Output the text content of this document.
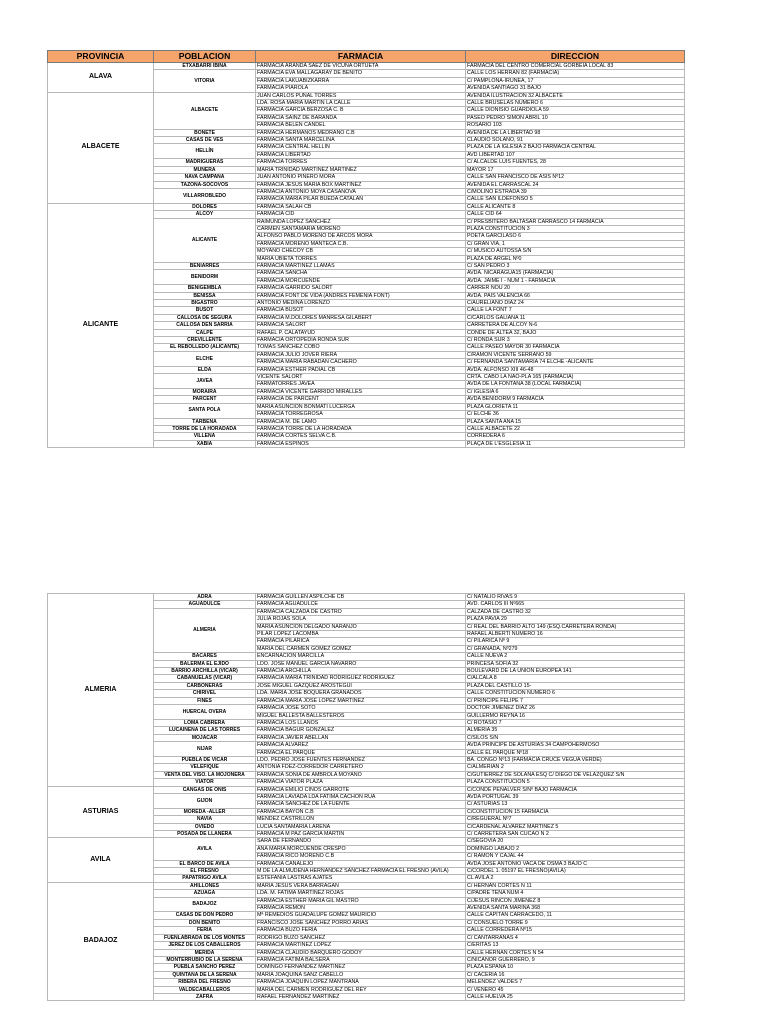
PROVINCIA	POBLACION	FARMACIA	DIRECCION
ALAVA	ETXABARRI IBINA	FARMACIA ARANDA SAEZ DE VICUÑA ORTUETA	FARMACIA DEL CENTRO COMERCIAL GORBEIA LOCAL 83
	VITORIA	FARMACIA EVA MALLAGARAY DE BENITO	CALLE LOS HERRAN 82 (FARMACIA)
		FARMACIA LAKUABIZKARRA	C/ PAMPLONA-IRUNEA, 17
		FARMACIA PIAROLA	AVENIDA SANTIAGO 31 BAJO
ALBACETE	ALBACETE	JUAN CARLOS PUÑAL TORRES	AVENIDA ILUSTRACIÓN 32 ALBACETE
		LDA. ROSA MARIA MARTIN LA CALLE	CALLE BRUSELAS NUMERO 6
		FARMACIA GARCÍA BERZOSA C. B	CALLE DIONISIO GUARDIOLA 59
		FARMACIA SAINZ DE BARANDA	PASEO PEDRO SIMON ABRIL 10
		FARMACIA BELÉN CANDEL	ROSARIO 103
	BONETE	FARMACIA HERMANOS MEDRANO C.B	AVENIDA DE LA LIBERTAD 98
	CASAS DE VES	FARMACIA SANTA MARCELINA	CLAUDIO SOLANO, 91
	HELLÍN	FARMACIA CENTRAL HELLÍN	PLAZA DE LA IGLESIA 2 BAJO FARMACIA CENTRAL
		FARMACIA LIBERTAD	AVD LIBERTAD 107
	MADRIGUERAS	FARMACIA TORRES	C/ ALCALDE LUIS FUENTES, 28
	MUNERA	MARÍA TRINIDAD MARTÍNEZ MARTÍNEZ	MAYOR 17
	NAVA CAMPAÑA	JUAN ANTONIO PIÑERO MORA	CALLE SAN FRANCISCO DE ASIS Nº12
	TAZONA-SOCOVOS	FARMACIA JESÚS MARÍA BOX MARTÍNEZ	AVENIDA EL CARRASCAL 24
	VILLARROBLEDO	FARMACIA ANTONIO MOYA CASANOVA	C/MOLINO ESTRADA 39
		FARMACIA MARIA PILAR BUEDA CATALAN	CALLE SAN ILDEFONSO 5
ALICANTE	DOLORES	FARMACIA SALAH CB	CALLE ALICANTE 8
	ALCOY	FARMACIA CID	CALLE CID 64
	ALICANTE	RAIMUNDA LÓPEZ SÁNCHEZ	C/ PRESBITERO BALTASAR CARRASCO 14 FARMACIA
		CARMEN SANTAMARIA MORENO	PLAZA CONSTITUCIÓN 3
		ALFONSO PABLO MORENO DE ARCOS MORA	POETA GARCILASO 6
		FARMACIA MORENO MANTECA C.B.	C/ GRAN VIA, 1
		MOYANO CHECOY CB	C/ MUSICO AUTOSSA S/N
		MARIA UBIETA TORRES	PLAZA DE ARGEL Nº0
	BENIARRÉS	FARMACIA MARTÍNEZ LLAMAS	C/ SAN PEDRO 3
	BENIDORM	FARMACIA SANCHA	AVDA. NICARAGUA15 (FARMACIA)
		FARMACIA MORCUENDE	AVDA. JAIME I - NUM 1 - FARMACIA
	BENIGEMBLA	FARMACIA GARRIDO SALORT	CARRER NOU 20
	BENISSA	FARMACIA FONT DE VIDA (ANDRES FEMENIA FONT)	AVDA. PAIS VALENCIA 66
	BIGASTRO	ANTONIO MEDINA LORENZO	C/AURELIANO DIAZ 24
	BUSOT	FARMACIA BUSOT	CALLE LA FONT 7
	CALLOSA DE SEGURA	FARMACIA M.DOLORES MANRESA GILABERT	C/CARLOS GALIANA 11
	CALLOSA DEN SARRIA	FARMACIA SALORT	CARRETERA DE ALCOY N-6
	CALPE	RAFAEL P. CALATAYUD	CONDE DE ALTEA 32, BAJO
	CREVILLENTE	FARMACIA ORTOPEDIA RONDA SUR	C/ RONDA SUR 3
	EL REBOLLEDO (ALICANTE)	TOMÁS SÁNCHEZ COBO	CALLE PASEO MAYOR 30 FARMACIA
	ELCHE	FARMACIA JULIO JOVER RIERA	C/RAMON VICENTE SERRANO 59
		FARMACIA MARIA RABADÁN CACHERO	C/ FERNANDA SANTAMARÍA 74 ELCHE -ALICANTE
	ELDA	FARMACIA ESTHER PADIAL CB	AVDA. ALFONSO XIII 46-48
	JAVEA	VICENTE SALORT	CRTA. CABO LA NAO-PLA 165 (FARMACIA)
		FARMATORRES JAVEA	AVDA DE LA FONTANA 38 (LOCAL FARMACIA)
	MORAIRA	FARMACIA VICENTE GARRIDO MIRALLES	C/ IGLESIA 6
	PARCENT	FARMACIA DE PARCENT	AVDA BENIDORM 9 FARMACIA
	SANTA POLA	MARIA ASUNCIÓN BONMATI LUCERGA	PLAZA GLORIETA 11
		FARMACIA TORREGROSA	C/ ELCHE 36
	TÁRBENA	FARMACIA M. DE LAMO	PLAZA SANTA ANA 15
	TORRE DE LA HORADADA	FARMACIA TORRE DE LA HORADADA	CALLE ALBACETE 22
	VILLENA	FARMACIA CORTES SELVA C.B.	CORREDERA 6
	XÀBIA	FARMACIA ESPINÓS	PLAÇA DE L'ESGLÉSIA 11
ALMERIA	ADRA	FARMACIA GUILLÉN ASPILCHE CB	C/ NATALIO RIVAS 9
	AGUADULCE	FARMACIA AGUADULCE	AVD. CARLOS III Nº665
	ALMERIA	FARMACIA CALZADA DE CASTRO	CALZADA DE CASTRO 32
		JULIA ROJAS SOLA	PLAZA PAVIA 29
		MARIA ASUNCIÓN DELGADO NARANJO	C/ REAL DEL BARRIO ALTO 149 (ESQ.CARRETERA RONDA)
		PILAR LOPEZ LACOMBA	RAFAEL ALBERTI NUMERO 16
		FARMACIA PILARICA	C/ PILARICA Nº 9
		MARIA DEL CARMEN GOMEZ GOMEZ	C/ GRANADA, Nº279
	BACARES	ENCARNACION MARCILLA	CALLE NUEVA 2
	BALERMA EL EJIDO	LDO. JOSÉ MANUEL GARCÍA NAVARRO	PRINCESA SOFIA 32
	BARRIO ARCHILLA (VICAR)	FARMACIA ARCHILLA	BOULEVARD DE LA UNION EUROPEA 141
	CABANUELAS (VICAR)	FARMACIA MARIA TRINIDAD RODRIGUEZ RODRIGUEZ	C/ALCALA 8
	CARBONERAS	JOSE MIGUEL GAZQUEZ AROSTEGUI	PLAZA DEL CASTILLO 15-
	CHIRIVEL	LDA. MARÍA JOSE BOQUERA GRANADOS	CALLE CONSTITUCION NUMERO 6
	FINES	FARMACIA MARIA JOSE LÓPEZ MARTINEZ	C/ PRÍNCIPE FELIPE 7
	HUERCAL OVERA	FARMACIA JOSE SOTO	DOCTOR JIMENEZ DIAZ 26
		MIGUEL BALLESTA BALLESTEROS	GUILLERMO REYNA 16
	LOMA CABRERA	FARMACIA LOS LLANOS	C/ ROTASIO 7
	LUCAINENA DE LAS TORRES	FARMACIA BAGUR GONZÁLEZ	ALMERIA 35
	MOJACAR	FARMACIA JAVIER ABELLAN	C/SILOS S/N
	NIJAR	FARMACIA ALVAREZ	AVDA PRINCIPE DE ASTURIAS 34 CAMPOHERMOSO
		FARMACIA EL PARQUE	CALLE EL PARQUE Nº18
	PUEBLA DE VICAR	LDO. PEDRO JOSÉ FUENTES FERNÁNDEZ	BA. CONGO Nº13 (FARMACIA CRUCE VEGUA VERDE)
	VELEFIQUE	ANTONIA FDEZ-CORREDOR CARRETERO	C/ALMERIAN 2
	VENTA DEL VISO. LA MOJONERA	FARMACIA SONIA DE AMBROLA MOYANO	C/GUTIERREZ DE SOLANA ESQ C/ DIEGO DE VELAZQUEZ S/N
	VIATOR	FARMACIA VIATOR PLAZA	PLAZA CONSTITUCIÓN 5
ASTURIAS	CANGAS DE ONIS	FARMACIA EMILIO CINOS GARROTE	C/CONDE PEÑALVER S/Nº BAJO FARMACIA
	GIJON	FARMACIA LAVIADA LDA FATIMA CACHON RUA	AVDA PORTUGAL 39
		FARMACIA SANCHEZ DE LA FUENTE	C/ ASTURIAS 13
	MOREDA -ALLER	FARMACIA BAYON C.B	C/CONSTITUCIÓN 15 FARMACIA
	NAVIA	MENDEZ CASTRILLON	C/REGUERAL Nº7
	OVIEDO	LUCIA SANTAMARIA LARENA	C/CARDENAL ALVAREZ MARTINEZ 5
	POSADA DE LLANERA	FARMACIA M PAZ GARCÍA MARTÍN	C/ CARRETERA SAN CUCAO N 2
AVILA	AVILA	SARA DE FERNANDO	C/SEGOVIA 20
		ANA MARIA MORCUENDE CRESPO	DOMINGO LABAJO 2
		FARMACIA RICO MORENO C.B	C/ RAMON Y CAJAL 44
	EL BARCO DE AVILA	FARMACIA CANALEJO	AVDA JOSE ANTONIO VACA DE OSMA 3 BAJO C
	EL FRESNO	M DE LA ALMUDENA HERNANDEZ SANCHEZ FARMACIA EL FRESNO (AVILA)	C/CORDEL 1. 05197 EL FRESNO(AVILA)
	PAPATRIGO AVILA	ESTEFANIA LASTRAS AJATES	CL AVILA 2
BADAJOZ	AHILLONES	MARIA JESÚS VERA BARRAGÁN	C/ HERNAN CORTES N 11
	AZUAGA	LDA. M. FATIMA MARTINEZ ROJAS	C/PADRE TENA NUM 4
	BADAJOZ	FARMACIA ESTHER MARÍA GIL MASTRO	C/JESUS RINCÓN JIMENEZ 8
		FARMACIA REMÓN	AVENIDA SANTA MARINA 368
	CASAS DE DON PEDRO	Mª REMEDIOS GUADALUPE GÓMEZ MAURICIO	CALLE CAPITÁN CARRACEDO, 11
	DON BENITO	FRANCISCO JOSE SANCHEZ PORRO ARIAS	C/ CONSUELO TORRE 9
	FERIA	FARMACIA BUZO FERIA	CALLE CORREDERA Nº15
	FUENLABRADA DE LOS MONTES	RODRIGO BUZO SANCHEZ	C/ CANTARRANAS 4
	JEREZ DE LOS CABALLEROS	FARMACIA MARTINEZ LOPEZ	C/ERITAS 13
	MERIDA	FARMACIA CLAUDIO BARQUERO GODOY	CALLE HERNAN CORTES N 54
	MONTERRUBIO DE LA SERENA	FARMACIA FATIMA BALSERA	C/NICANOR GUERRERO, 9
	PUEBLA SANCHO PEREZ	DOMINGO FERNANDEZ MARTINEZ	PLAZA ESPAÑA 10
	QUINTANA DE LA SERENA	MARIA JOAQUINA SANZ CABELLO	C/ CACERIA 16
	RIBERA DEL FRESNO	FARMACIA JOAQUÍN LÓPEZ MANTRANA	MELENDEZ VALDES 7
	VALDECABALLEROS	MARIA DEL CARMEN RODRIGUEZ DEL REY	C/ VENERO 45
	ZAFRA	RAFAEL FERNANDEZ MARTINEZ	CALLE HUELVA 25
